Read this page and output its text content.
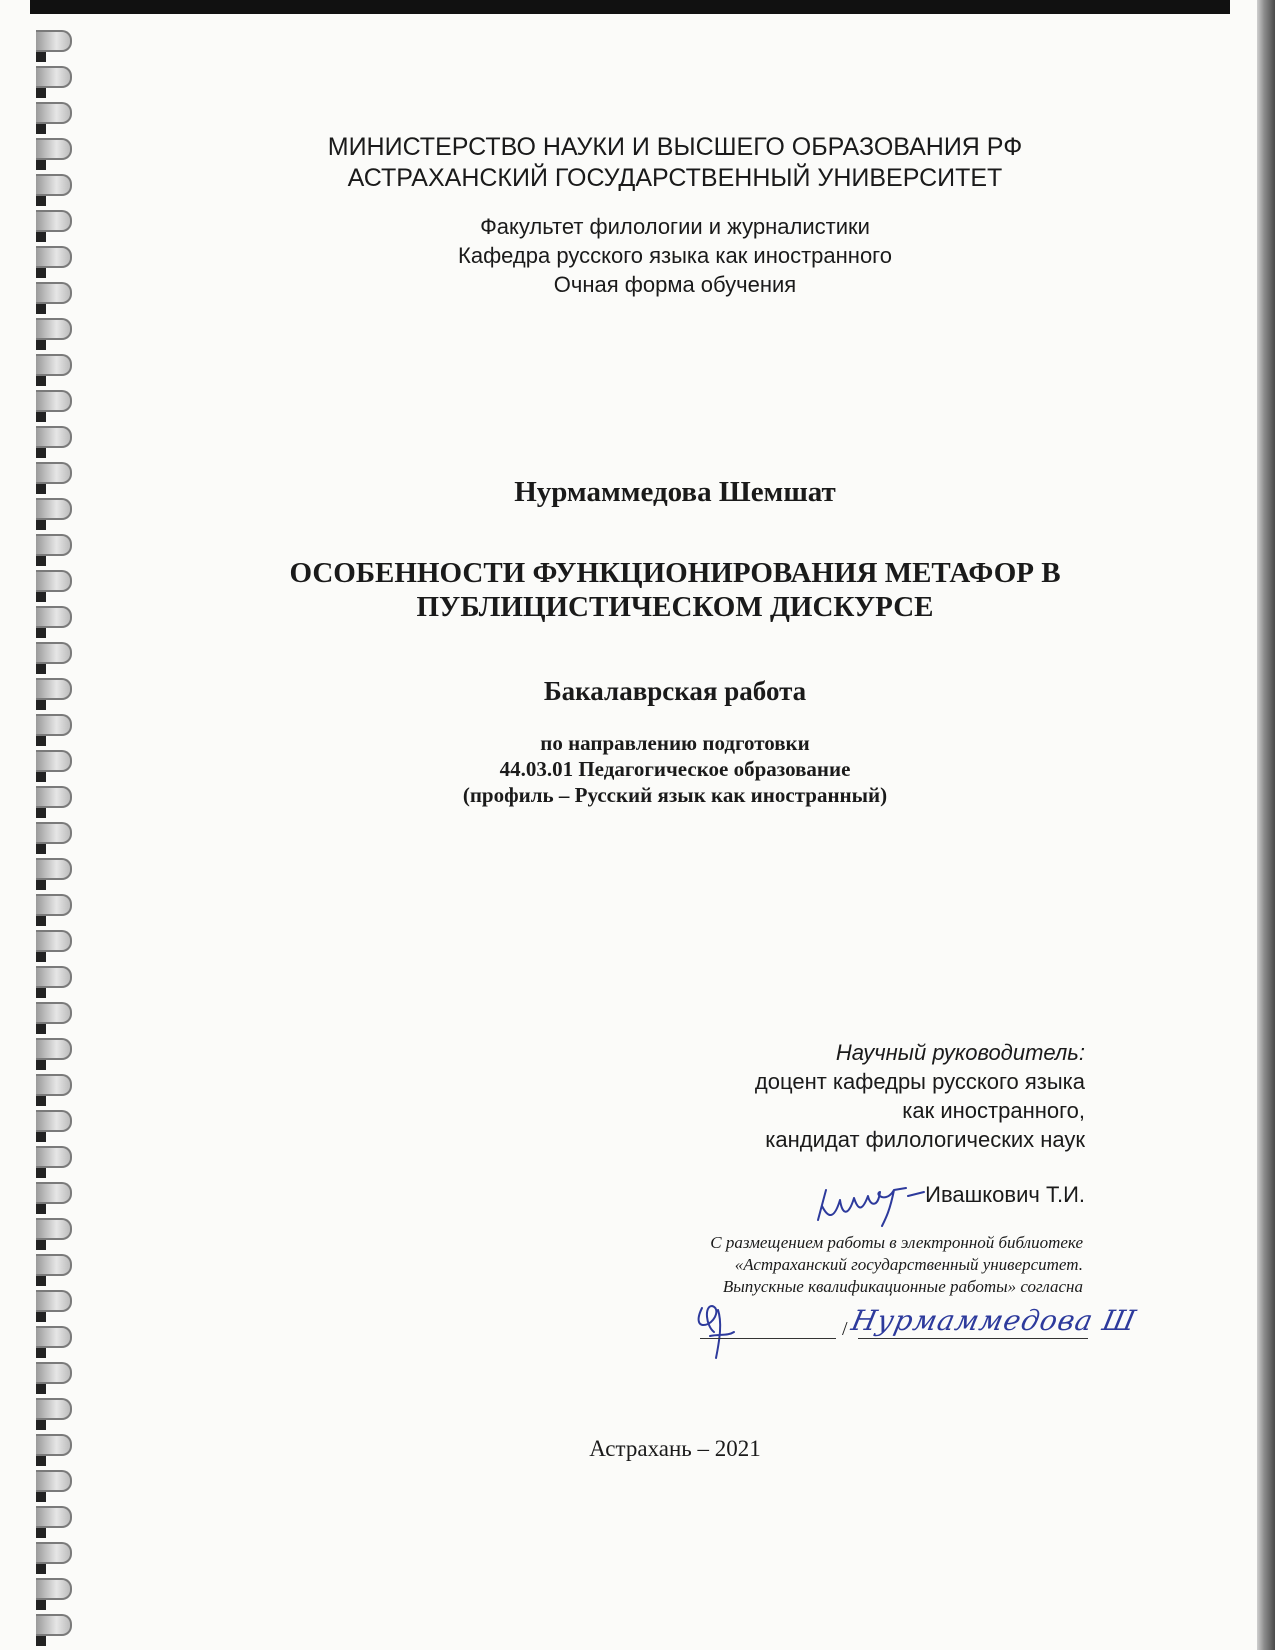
МИНИСТЕРСТВО НАУКИ И ВЫСШЕГО ОБРАЗОВАНИЯ РФ
АСТРАХАНСКИЙ ГОСУДАРСТВЕННЫЙ УНИВЕРСИТЕТ
Факультет филологии и журналистики
Кафедра русского языка как иностранного
Очная форма обучения
Нурмаммедова Шемшат
ОСОБЕННОСТИ ФУНКЦИОНИРОВАНИЯ МЕТАФОР В
ПУБЛИЦИСТИЧЕСКОМ ДИСКУРСЕ
Бакалаврская работа
по направлению подготовки
44.03.01 Педагогическое образование
(профиль – Русский язык как иностранный)
Научный руководитель:
доцент кафедры русского языка
как иностранного,
кандидат филологических наук
Ивашкович Т.И.
С размещением работы в электронной библиотеке
«Астраханский государственный университет.
Выпускные квалификационные работы» согласна
/ Нурмаммедова Ш
Астрахань – 2021
